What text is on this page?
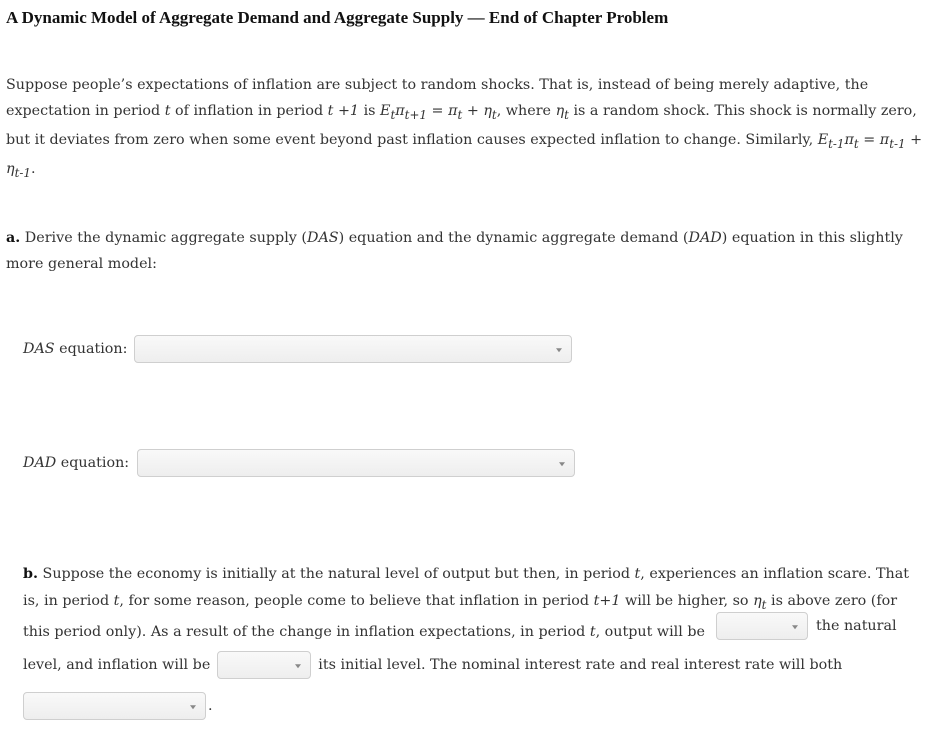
A Dynamic Model of Aggregate Demand and Aggregate Supply — End of Chapter Problem
Suppose people’s expectations of inflation are subject to random shocks. That is, instead of being merely adaptive, the expectation in period t of inflation in period t +1 is $E_t\pi_{t+1} = \pi_t + \eta_t$, where $\eta_t$ is a random shock. This shock is normally zero, but it deviates from zero when some event beyond past inflation causes expected inflation to change. Similarly, $E_{t-1}\pi_t = \pi_{t-1} + \eta_{t-1}$.
a. Derive the dynamic aggregate supply (DAS) equation and the dynamic aggregate demand (DAD) equation in this slightly more general model:
DAS equation:
DAD equation:
b. Suppose the economy is initially at the natural level of output but then, in period t, experiences an inflation scare. That is, in period t, for some reason, people come to believe that inflation in period t+1 will be higher, so $\eta_t$ is above zero (for this period only). As a result of the change in inflation expectations, in period t, output will be	the natural
level, and inflation will be	its initial level. The nominal interest rate and real interest rate will both
.
